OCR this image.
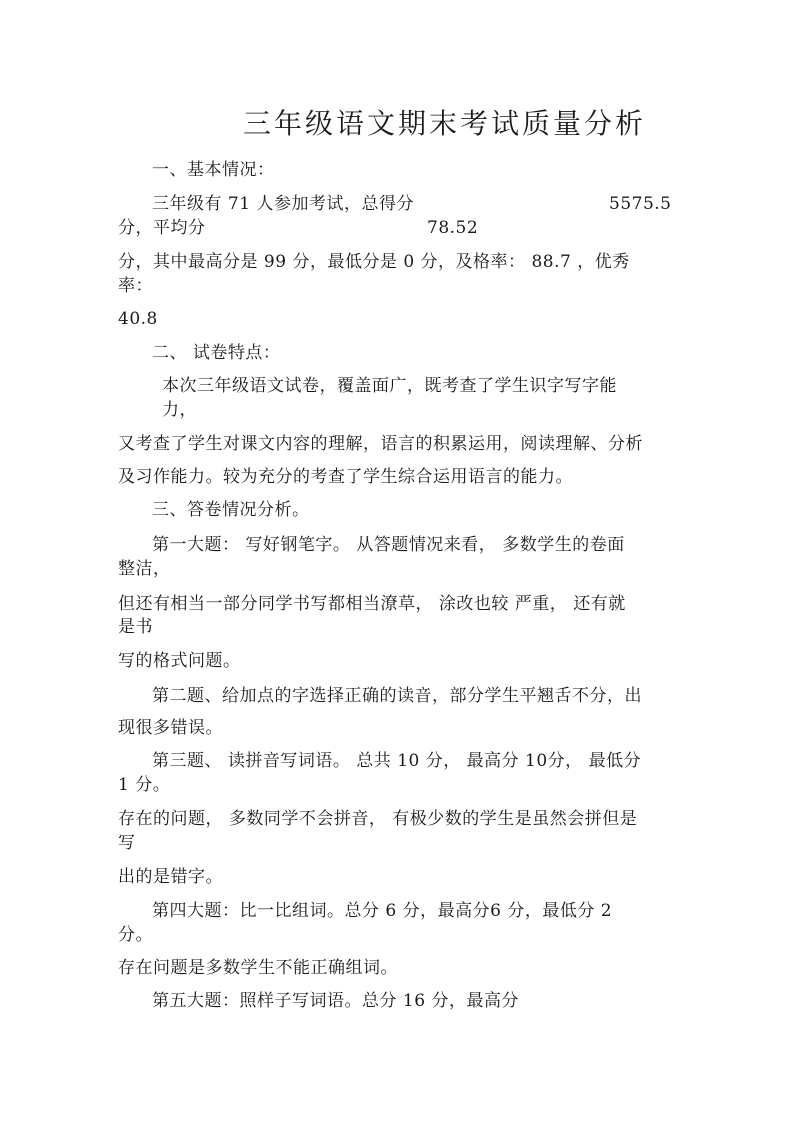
三年级语文期末考试质量分析
一、基本情况：
三年级有 71 人参加考试，总得分	5575.5
分，平均分	78.52
分，其中最高分是 99 分，最低分是 0 分，及格率： 88.7 ，优秀
率：
40.8
二、 试卷特点：
本次三年级语文试卷，覆盖面广，既考查了学生识字写字能
力，
又考查了学生对课文内容的理解，语言的积累运用，阅读理解、分析
及习作能力。较为充分的考查了学生综合运用语言的能力。
三、答卷情况分析。
第一大题： 写好钢笔字。 从答题情况来看， 多数学生的卷面
整洁，
但还有相当一部分同学书写都相当潦草， 涂改也较 严重， 还有就
是书
写的格式问题。
第二题、给加点的字选择正确的读音，部分学生平翘舌不分，出
现很多错误。
第三题、 读拼音写词语。 总共 10 分， 最高分 10分， 最低分
1 分。
存在的问题， 多数同学不会拼音， 有极少数的学生是虽然会拼但是
写
出的是错字。
第四大题：比一比组词。总分 6 分，最高分6 分，最低分 2
分。
存在问题是多数学生不能正确组词。
第五大题：照样子写词语。总分 16 分，最高分
